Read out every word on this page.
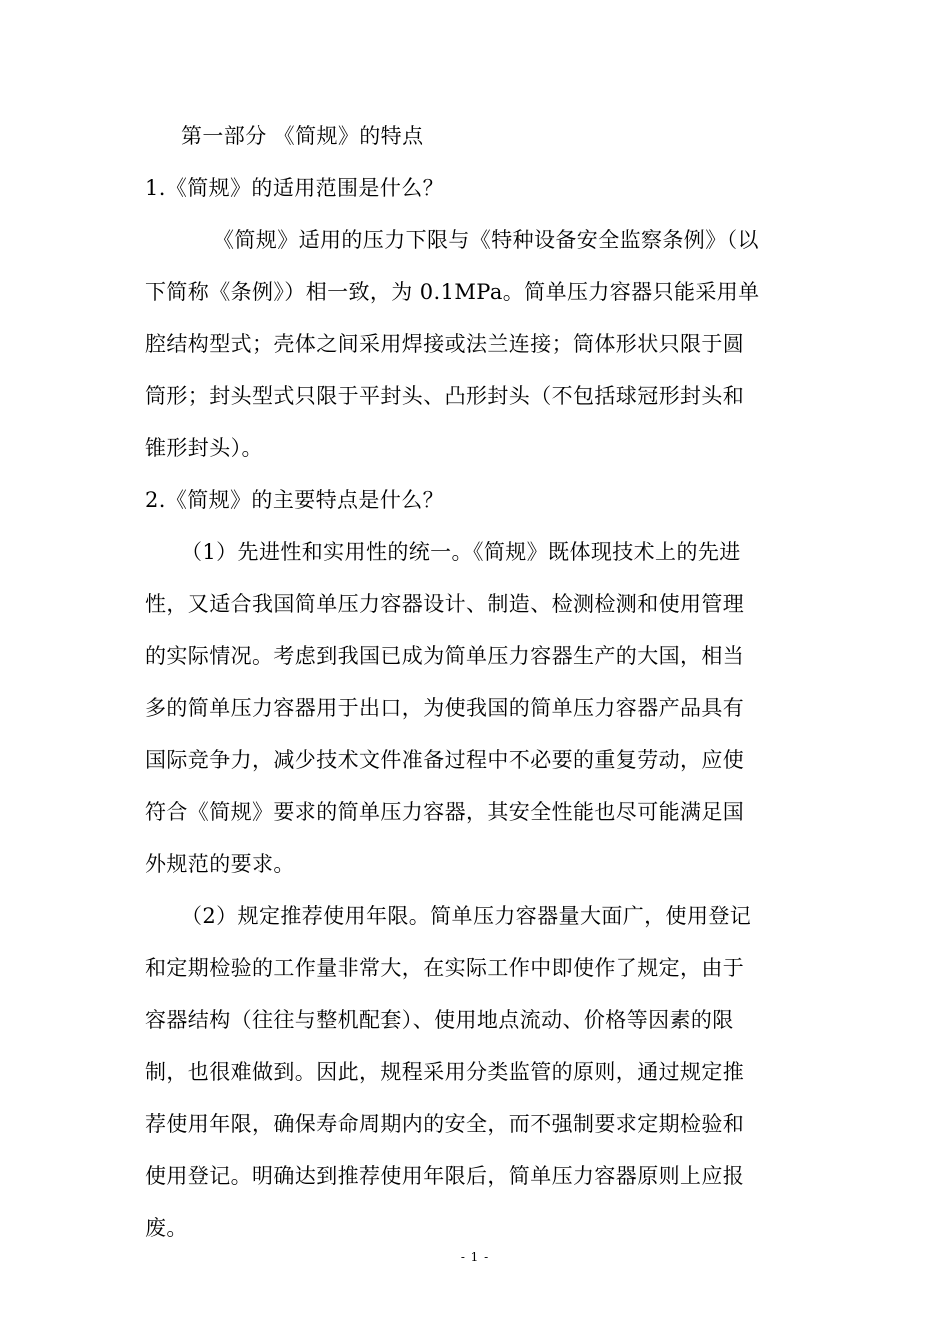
第一部分 《简规》的特点
1.《简规》的适用范围是什么？
《简规》适用的压力下限与《特种设备安全监察条例》（以
下简称《条例》）相一致，为 0.1MPa。简单压力容器只能采用单
腔结构型式；壳体之间采用焊接或法兰连接；筒体形状只限于圆
筒形；封头型式只限于平封头、凸形封头（不包括球冠形封头和
锥形封头）。
2.《简规》的主要特点是什么？
（1）先进性和实用性的统一。《简规》既体现技术上的先进
性，又适合我国简单压力容器设计、制造、检测检测和使用管理
的实际情况。考虑到我国已成为简单压力容器生产的大国，相当
多的简单压力容器用于出口，为使我国的简单压力容器产品具有
国际竞争力，减少技术文件准备过程中不必要的重复劳动，应使
符合《简规》要求的简单压力容器，其安全性能也尽可能满足国
外规范的要求。
（2）规定推荐使用年限。简单压力容器量大面广，使用登记
和定期检验的工作量非常大，在实际工作中即使作了规定，由于
容器结构（往往与整机配套）、使用地点流动、价格等因素的限
制，也很难做到。因此，规程采用分类监管的原则，通过规定推
荐使用年限，确保寿命周期内的安全，而不强制要求定期检验和
使用登记。明确达到推荐使用年限后，简单压力容器原则上应报
废。
- 1 -
